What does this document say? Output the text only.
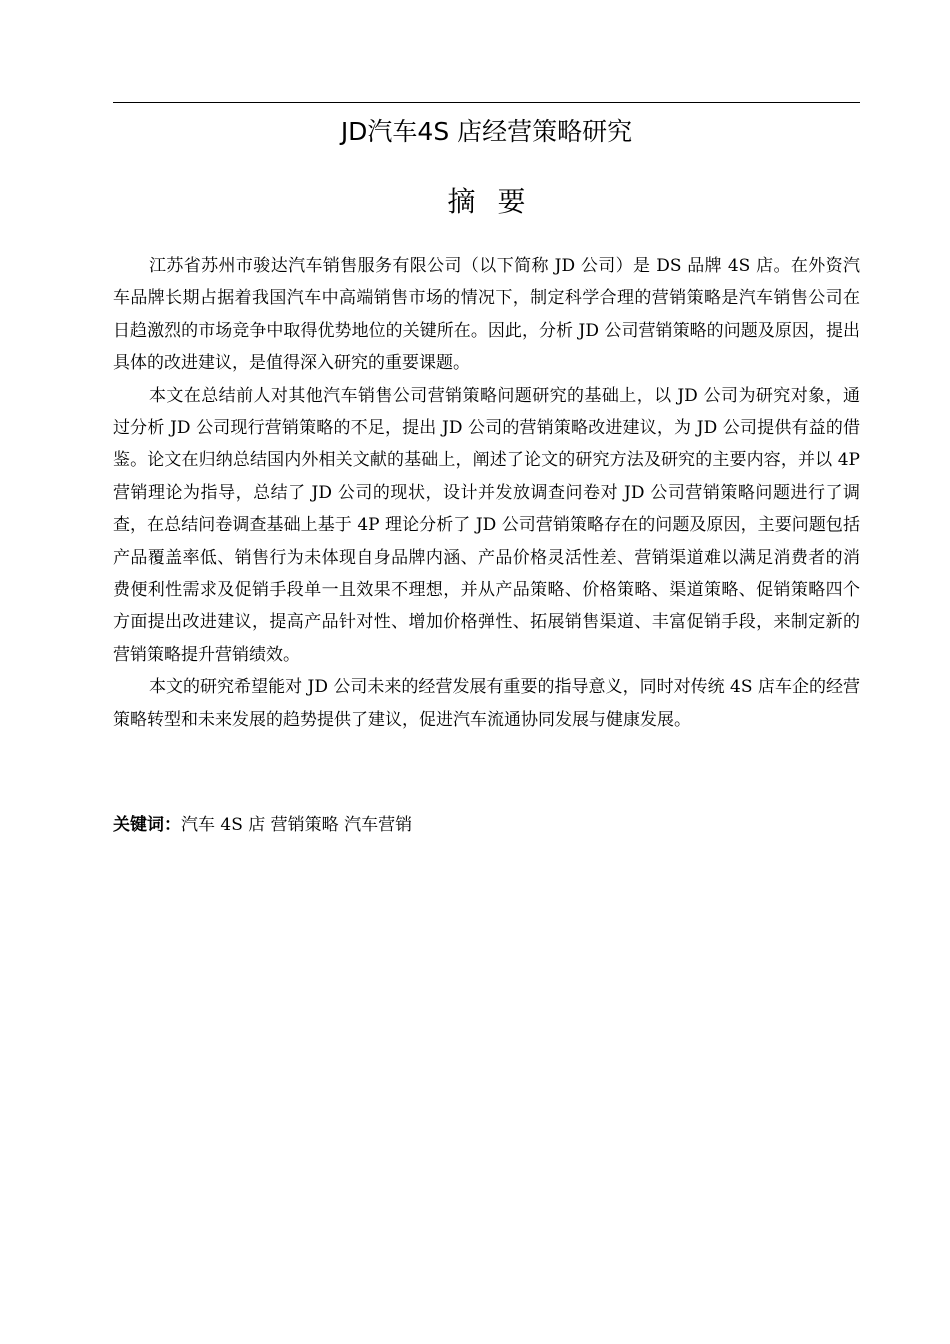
JD汽车4S 店经营策略研究
摘要

江苏省苏州市骏达汽车销售服务有限公司（以下简称 JD 公司）是 DS 品牌 4S 店。在外资汽车品牌长期占据着我国汽车中高端销售市场的情况下，制定科学合理的营销策略是汽车销售公司在日趋激烈的市场竞争中取得优势地位的关键所在。因此，分析 JD 公司营销策略的问题及原因，提出具体的改进建议，是值得深入研究的重要课题。

本文在总结前人对其他汽车销售公司营销策略问题研究的基础上，以 JD 公司为研究对象，通过分析 JD 公司现行营销策略的不足，提出 JD 公司的营销策略改进建议，为 JD 公司提供有益的借鉴。论文在归纳总结国内外相关文献的基础上，阐述了论文的研究方法及研究的主要内容，并以 4P 营销理论为指导，总结了 JD 公司的现状，设计并发放调查问卷对 JD 公司营销策略问题进行了调查，在总结问卷调查基础上基于 4P 理论分析了 JD 公司营销策略存在的问题及原因，主要问题包括产品覆盖率低、销售行为未体现自身品牌内涵、产品价格灵活性差、营销渠道难以满足消费者的消费便利性需求及促销手段单一且效果不理想，并从产品策略、价格策略、渠道策略、促销策略四个方面提出改进建议，提高产品针对性、增加价格弹性、拓展销售渠道、丰富促销手段，来制定新的营销策略提升营销绩效。

本文的研究希望能对 JD 公司未来的经营发展有重要的指导意义，同时对传统 4S 店车企的经营策略转型和未来发展的趋势提供了建议，促进汽车流通协同发展与健康发展。

关键词：汽车 4S 店 营销策略 汽车营销
